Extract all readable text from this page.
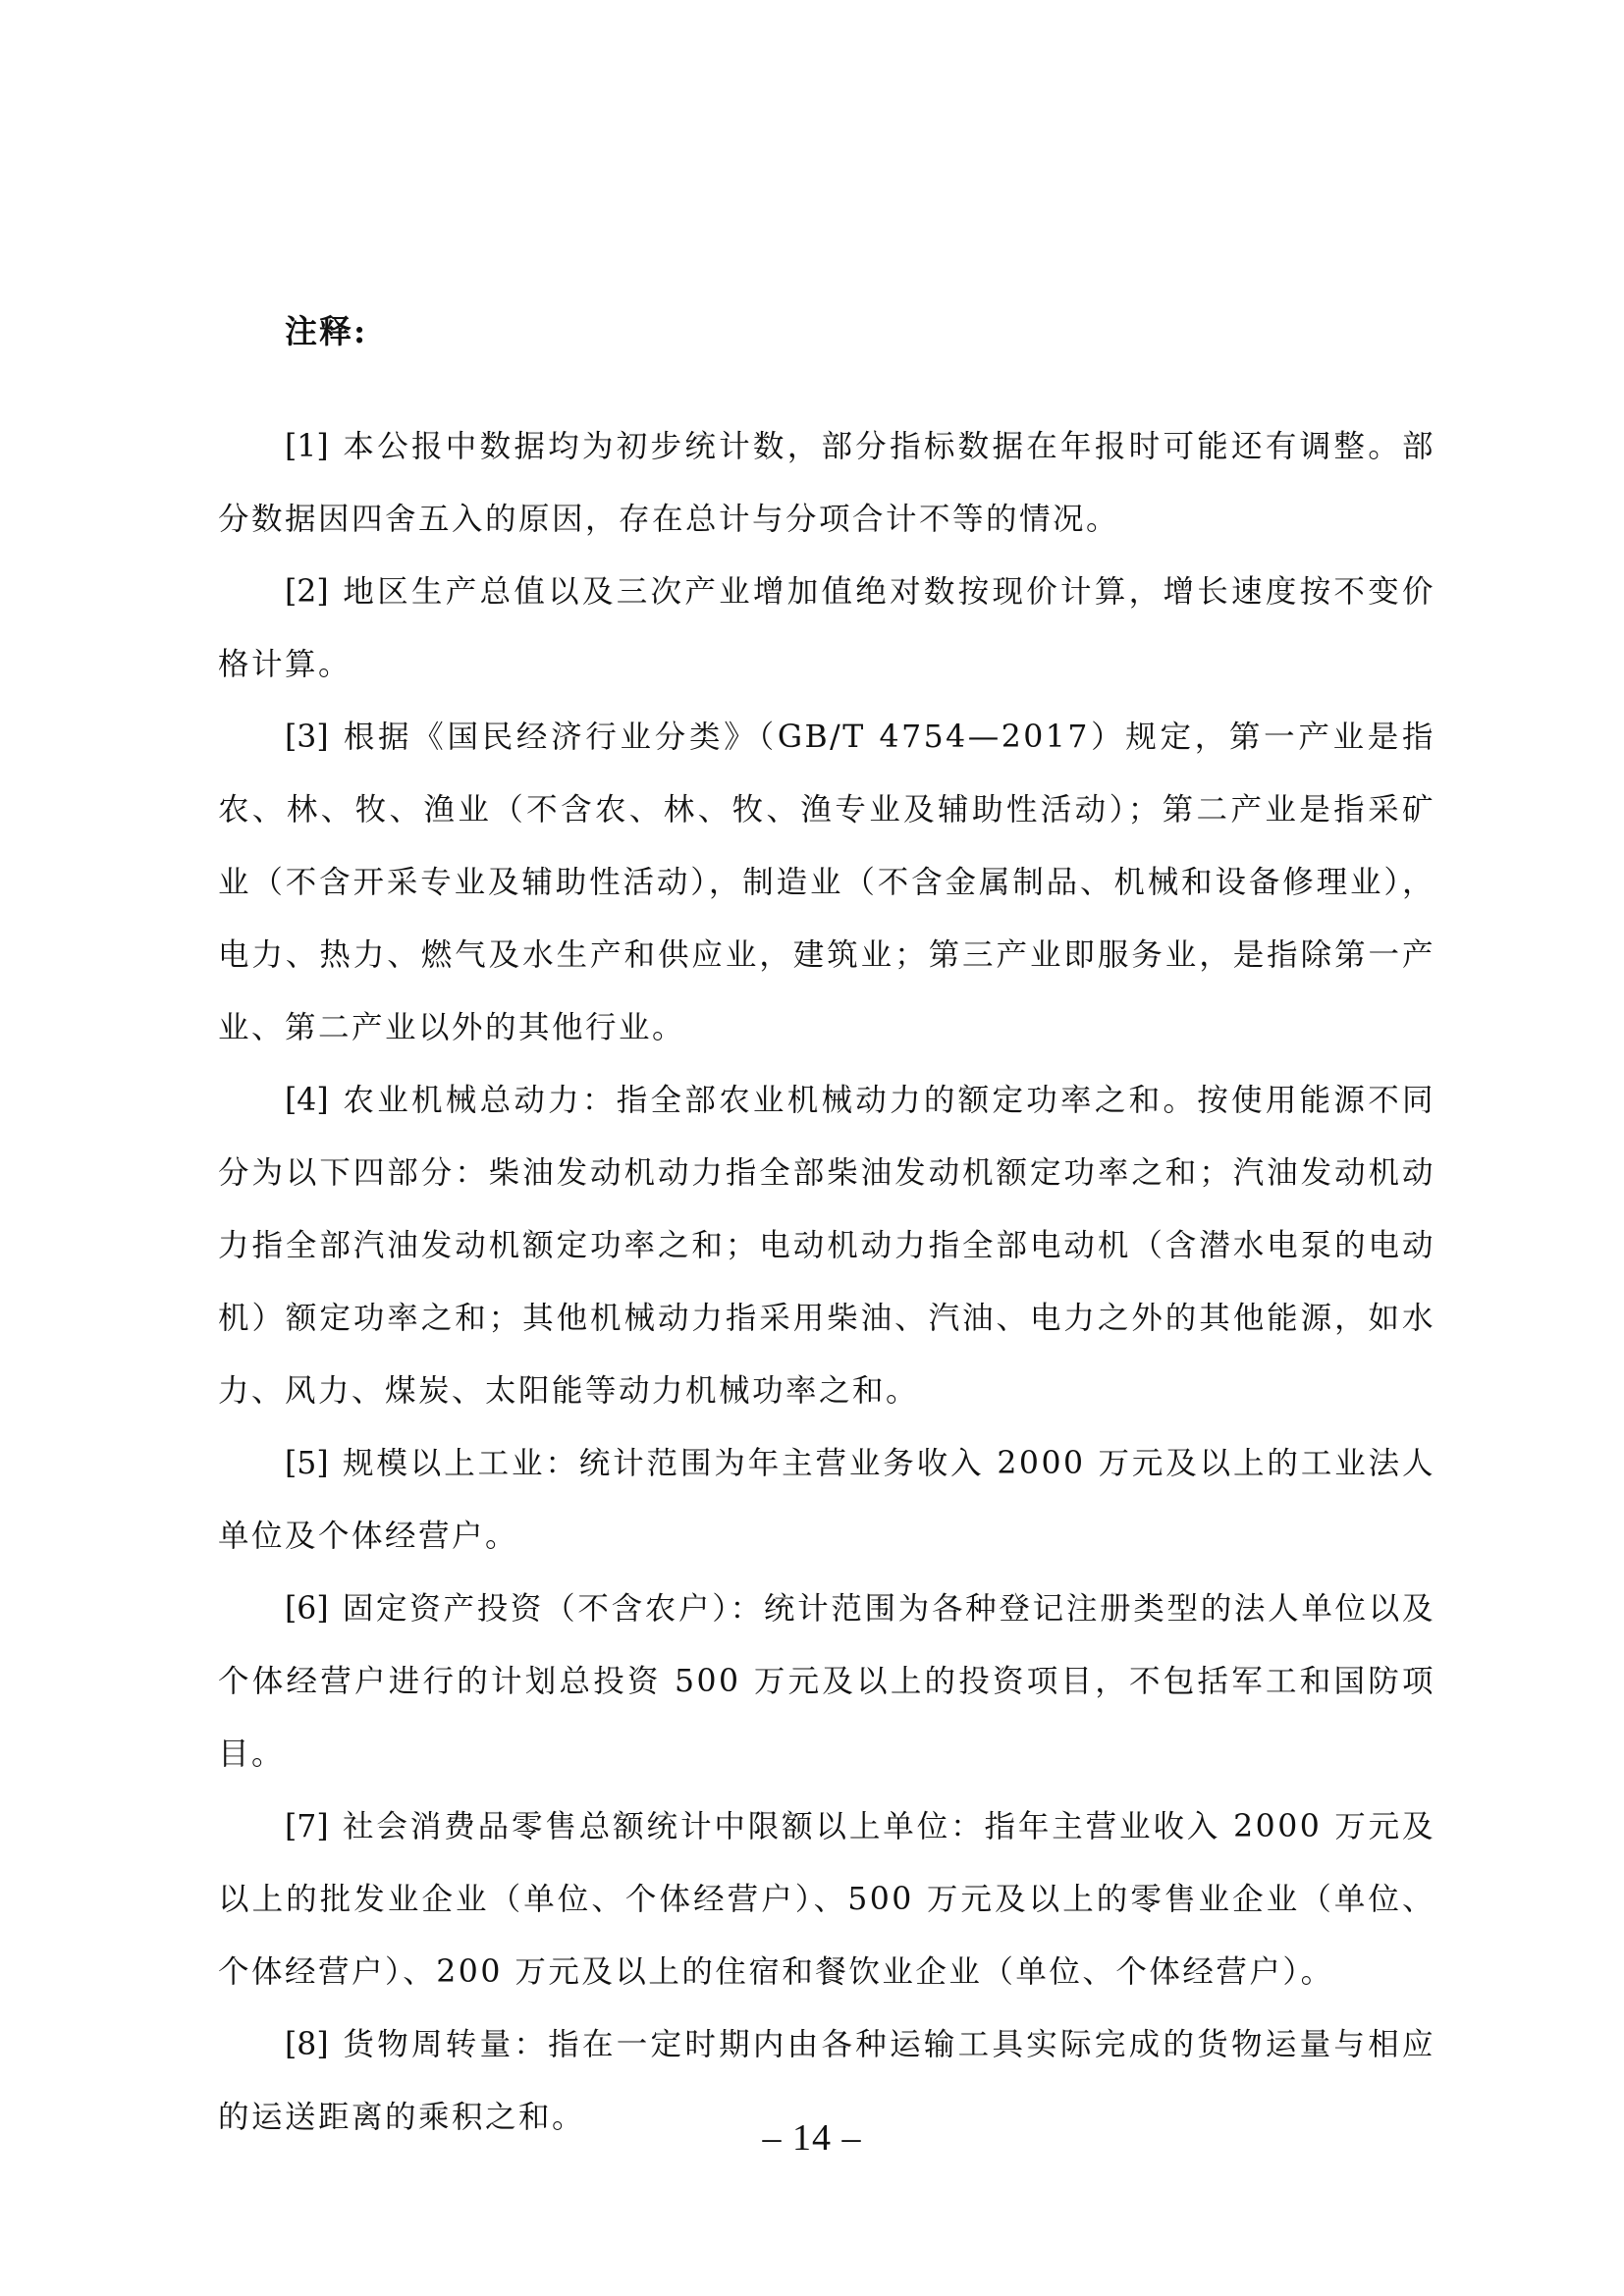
注释:
[1] 本公报中数据均为初步统计数，部分指标数据在年报时可能还有调整。部分数据因四舍五入的原因，存在总计与分项合计不等的情况。
[2] 地区生产总值以及三次产业增加值绝对数按现价计算，增长速度按不变价格计算。
[3] 根据《国民经济行业分类》（GB/T 4754—2017）规定，第一产业是指农、林、牧、渔业（不含农、林、牧、渔专业及辅助性活动）；第二产业是指采矿业（不含开采专业及辅助性活动），制造业（不含金属制品、机械和设备修理业），电力、热力、燃气及水生产和供应业，建筑业；第三产业即服务业，是指除第一产业、第二产业以外的其他行业。
[4] 农业机械总动力：指全部农业机械动力的额定功率之和。按使用能源不同分为以下四部分：柴油发动机动力指全部柴油发动机额定功率之和；汽油发动机动力指全部汽油发动机额定功率之和；电动机动力指全部电动机（含潜水电泵的电动机）额定功率之和；其他机械动力指采用柴油、汽油、电力之外的其他能源，如水力、风力、煤炭、太阳能等动力机械功率之和。
[5] 规模以上工业：统计范围为年主营业务收入 2000 万元及以上的工业法人单位及个体经营户。
[6] 固定资产投资（不含农户）：统计范围为各种登记注册类型的法人单位以及个体经营户进行的计划总投资 500 万元及以上的投资项目，不包括军工和国防项目。
[7] 社会消费品零售总额统计中限额以上单位：指年主营业收入 2000 万元及以上的批发业企业（单位、个体经营户）、500 万元及以上的零售业企业（单位、个体经营户）、200 万元及以上的住宿和餐饮业企业（单位、个体经营户）。
[8] 货物周转量：指在一定时期内由各种运输工具实际完成的货物运量与相应的运送距离的乘积之和。	– 14 –
